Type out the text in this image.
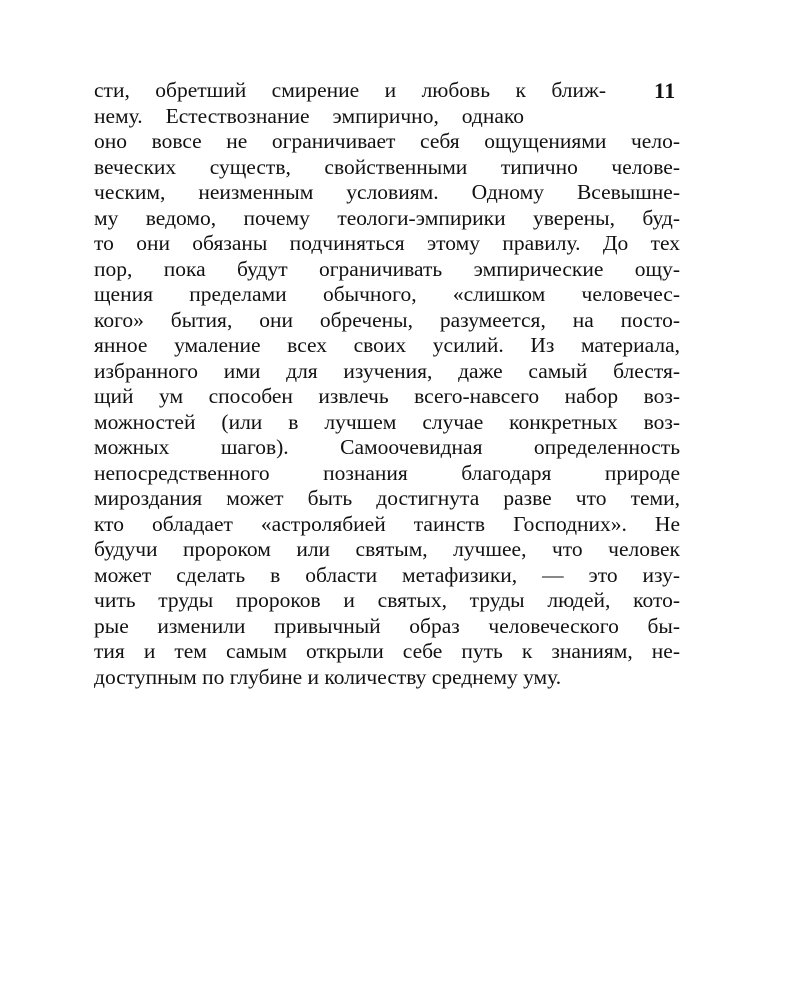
11
сти, обретший смирение и любовь к ближ-
нему. Естествознание эмпирично, однако
оно вовсе не ограничивает себя ощущениями чело-
веческих существ, свойственными типично челове-
ческим, неизменным условиям. Одному Всевышне-
му ведомо, почему теологи-эмпирики уверены, буд-
то они обязаны подчиняться этому правилу. До тех
пор, пока будут ограничивать эмпирические ощу-
щения пределами обычного, «слишком человечес-
кого» бытия, они обречены, разумеется, на посто-
янное умаление всех своих усилий. Из материала,
избранного ими для изучения, даже самый блестя-
щий ум способен извлечь всего-навсего набор воз-
можностей (или в лучшем случае конкретных воз-
можных шагов). Самоочевидная определенность
непосредственного познания благодаря природе
мироздания может быть достигнута разве что теми,
кто обладает «астролябией таинств Господних». Не
будучи пророком или святым, лучшее, что человек
может сделать в области метафизики, — это изу-
чить труды пророков и святых, труды людей, кото-
рые изменили привычный образ человеческого бы-
тия и тем самым открыли себе путь к знаниям, не-
доступным по глубине и количеству среднему уму.
